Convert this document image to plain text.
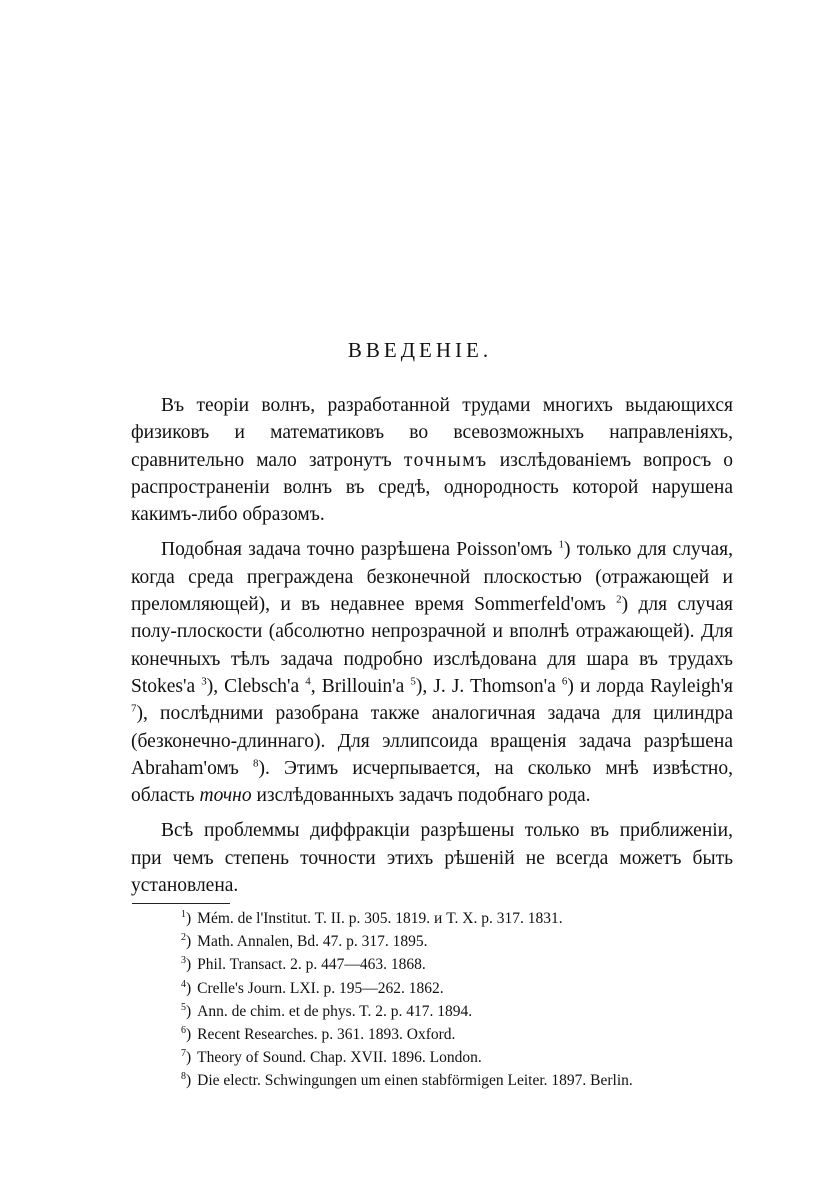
ВВЕДЕНІЕ.

Въ теоріи волнъ, разработанной трудами многихъ выдающихся физиковъ и математиковъ во всевозможныхъ направленіяхъ, сравнительно мало затронутъ точнымъ изслѣдованіемъ вопросъ о распространеніи волнъ въ средѣ, однородность которой нарушена какимъ-либо образомъ.

Подобная задача точно разрѣшена Poisson'омъ $^1$) только для случая, когда среда преграждена безконечной плоскостью (отражающей и преломляющей), и въ недавнее время Sommerfeld'омъ $^2$) для случая полу-плоскости (абсолютно непрозрачной и вполнѣ отражающей). Для конечныхъ тѣлъ задача подробно изслѣдована для шара въ трудахъ Stokes'а $^3$), Clebsch'а $^4$, Brillouin'а $^5$), J. J. Thomson'а $^6$) и лорда Rayleigh'я $^7$), послѣдними разобрана также аналогичная задача для цилиндра (безконечно-длиннаго). Для эллипсоида вращенія задача разрѣшена Abraham'омъ $^8$). Этимъ исчерпывается, на сколько мнѣ извѣстно, область точно изслѣдованныхъ задачъ подобнаго рода.

Всѣ проблеммы диффракціи разрѣшены только въ приближеніи, при чемъ степень точности этихъ рѣшеній не всегда можетъ быть установлена.

$^1$ ) Mém. de l'Institut. T. II. p. 305. 1819. и T. X. p. 317. 1831.
$^2$ ) Math. Annalen, Bd. 47. p. 317. 1895.
$^3$ ) Phil. Transact. 2. p. 447—463. 1868.
$^4$ ) Crelle's Journ. LXI. p. 195—262. 1862.
$^5$ ) Ann. de chim. et de phys. T. 2. p. 417. 1894.
$^6$ ) Recent Researches. p. 361. 1893. Oxford.
$^7$ ) Theory of Sound. Chap. XVII. 1896. London.
$^8$ ) Die electr. Schwingungen um einen stabförmigen Leiter. 1897. Berlin.
